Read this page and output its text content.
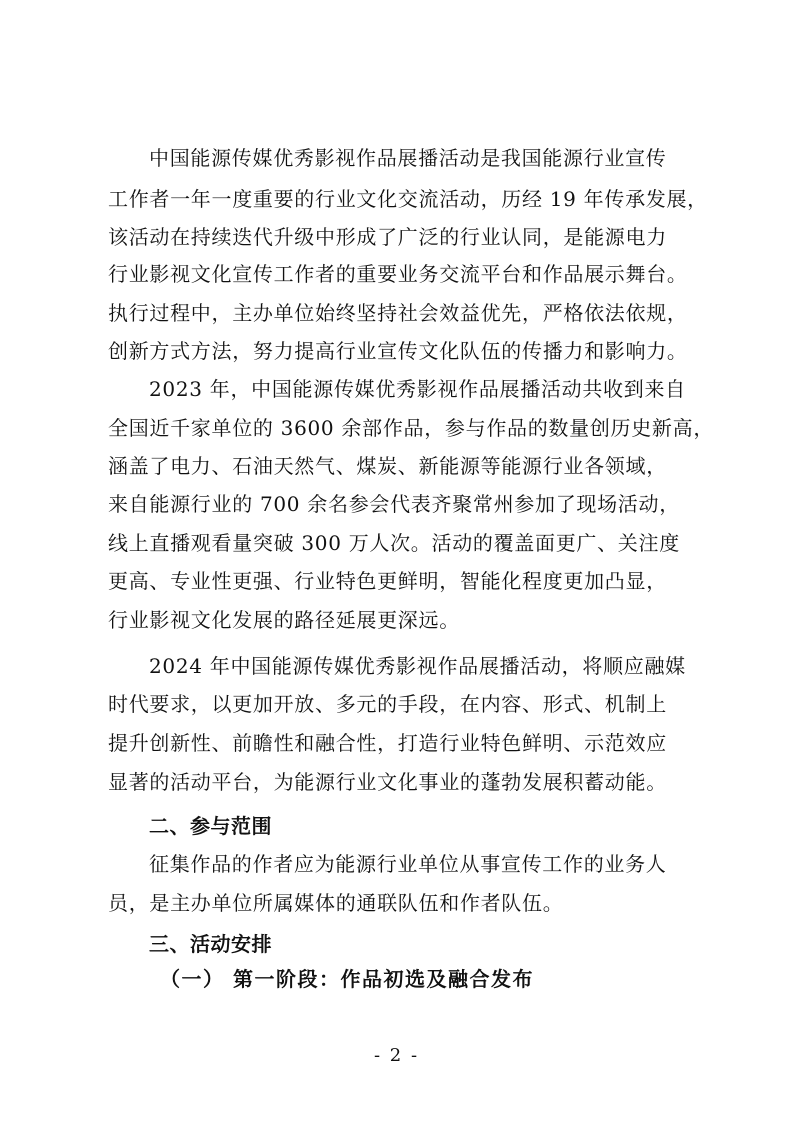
中国能源传媒优秀影视作品展播活动是我国能源行业宣传
工作者一年一度重要的行业文化交流活动，历经 19 年传承发展，
该活动在持续迭代升级中形成了广泛的行业认同，是能源电力
行业影视文化宣传工作者的重要业务交流平台和作品展示舞台。
执行过程中，主办单位始终坚持社会效益优先，严格依法依规，
创新方式方法，努力提高行业宣传文化队伍的传播力和影响力。
2023 年，中国能源传媒优秀影视作品展播活动共收到来自
全国近千家单位的 3600 余部作品，参与作品的数量创历史新高，
涵盖了电力、石油天然气、煤炭、新能源等能源行业各领域，
来自能源行业的 700 余名参会代表齐聚常州参加了现场活动，
线上直播观看量突破 300 万人次。活动的覆盖面更广、关注度
更高、专业性更强、行业特色更鲜明，智能化程度更加凸显，
行业影视文化发展的路径延展更深远。
2024 年中国能源传媒优秀影视作品展播活动，将顺应融媒
时代要求，以更加开放、多元的手段，在内容、形式、机制上
提升创新性、前瞻性和融合性，打造行业特色鲜明、示范效应
显著的活动平台，为能源行业文化事业的蓬勃发展积蓄动能。
二、参与范围
征集作品的作者应为能源行业单位从事宣传工作的业务人
员，是主办单位所属媒体的通联队伍和作者队伍。
三、活动安排
（一） 第一阶段：作品初选及融合发布
- 2 -
